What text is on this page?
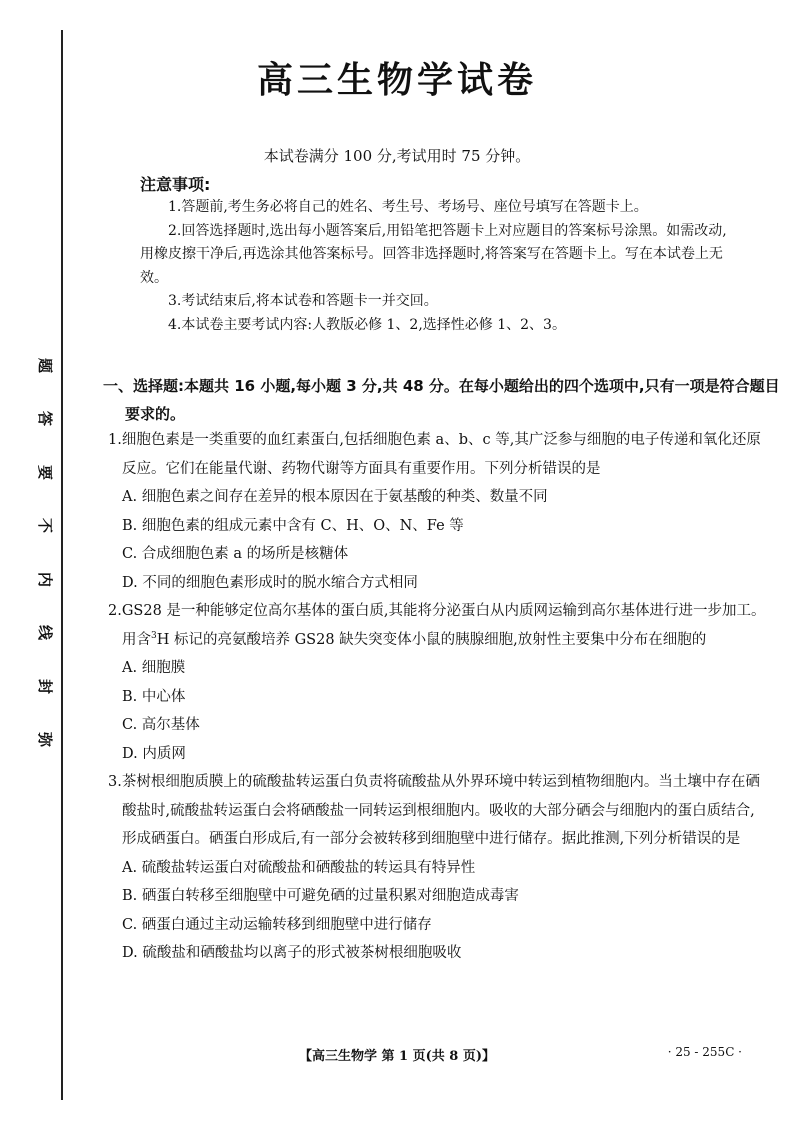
题
答
要
不
内
线
封
弥
高三生物学试卷
本试卷满分 100 分,考试用时 75 分钟。
注意事项:

1.答题前,考生务必将自己的姓名、考生号、考场号、座位号填写在答题卡上。

2.回答选择题时,选出每小题答案后,用铅笔把答题卡上对应题目的答案标号涂黑。如需改动,用橡皮擦干净后,再选涂其他答案标号。回答非选择题时,将答案写在答题卡上。写在本试卷上无效。

3.考试结束后,将本试卷和答题卡一并交回。

4.本试卷主要考试内容:人教版必修 1、2,选择性必修 1、2、3。

一、选择题:本题共 16 小题,每小题 3 分,共 48 分。在每小题给出的四个选项中,只有一项是符合题目要求的。

1.细胞色素是一类重要的血红素蛋白,包括细胞色素 a、b、c 等,其广泛参与细胞的电子传递和氧化还原反应。它们在能量代谢、药物代谢等方面具有重要作用。下列分析错误的是

A. 细胞色素之间存在差异的根本原因在于氨基酸的种类、数量不同

B. 细胞色素的组成元素中含有 C、H、O、N、Fe 等

C. 合成细胞色素 a 的场所是核糖体

D. 不同的细胞色素形成时的脱水缩合方式相同

2.GS28 是一种能够定位高尔基体的蛋白质,其能将分泌蛋白从内质网运输到高尔基体进行进一步加工。用含$^3$H 标记的亮氨酸培养 GS28 缺失突变体小鼠的胰腺细胞,放射性主要集中分布在细胞的

A. 细胞膜

B. 中心体

C. 高尔基体

D. 内质网

3.茶树根细胞质膜上的硫酸盐转运蛋白负责将硫酸盐从外界环境中转运到植物细胞内。当土壤中存在硒酸盐时,硫酸盐转运蛋白会将硒酸盐一同转运到根细胞内。吸收的大部分硒会与细胞内的蛋白质结合,形成硒蛋白。硒蛋白形成后,有一部分会被转移到细胞壁中进行储存。据此推测,下列分析错误的是

A. 硫酸盐转运蛋白对硫酸盐和硒酸盐的转运具有特异性

B. 硒蛋白转移至细胞壁中可避免硒的过量积累对细胞造成毒害

C. 硒蛋白通过主动运输转移到细胞壁中进行储存

D. 硫酸盐和硒酸盐均以离子的形式被茶树根细胞吸收

【高三生物学 第 1 页(共 8 页)】	· 25 - 255C ·
